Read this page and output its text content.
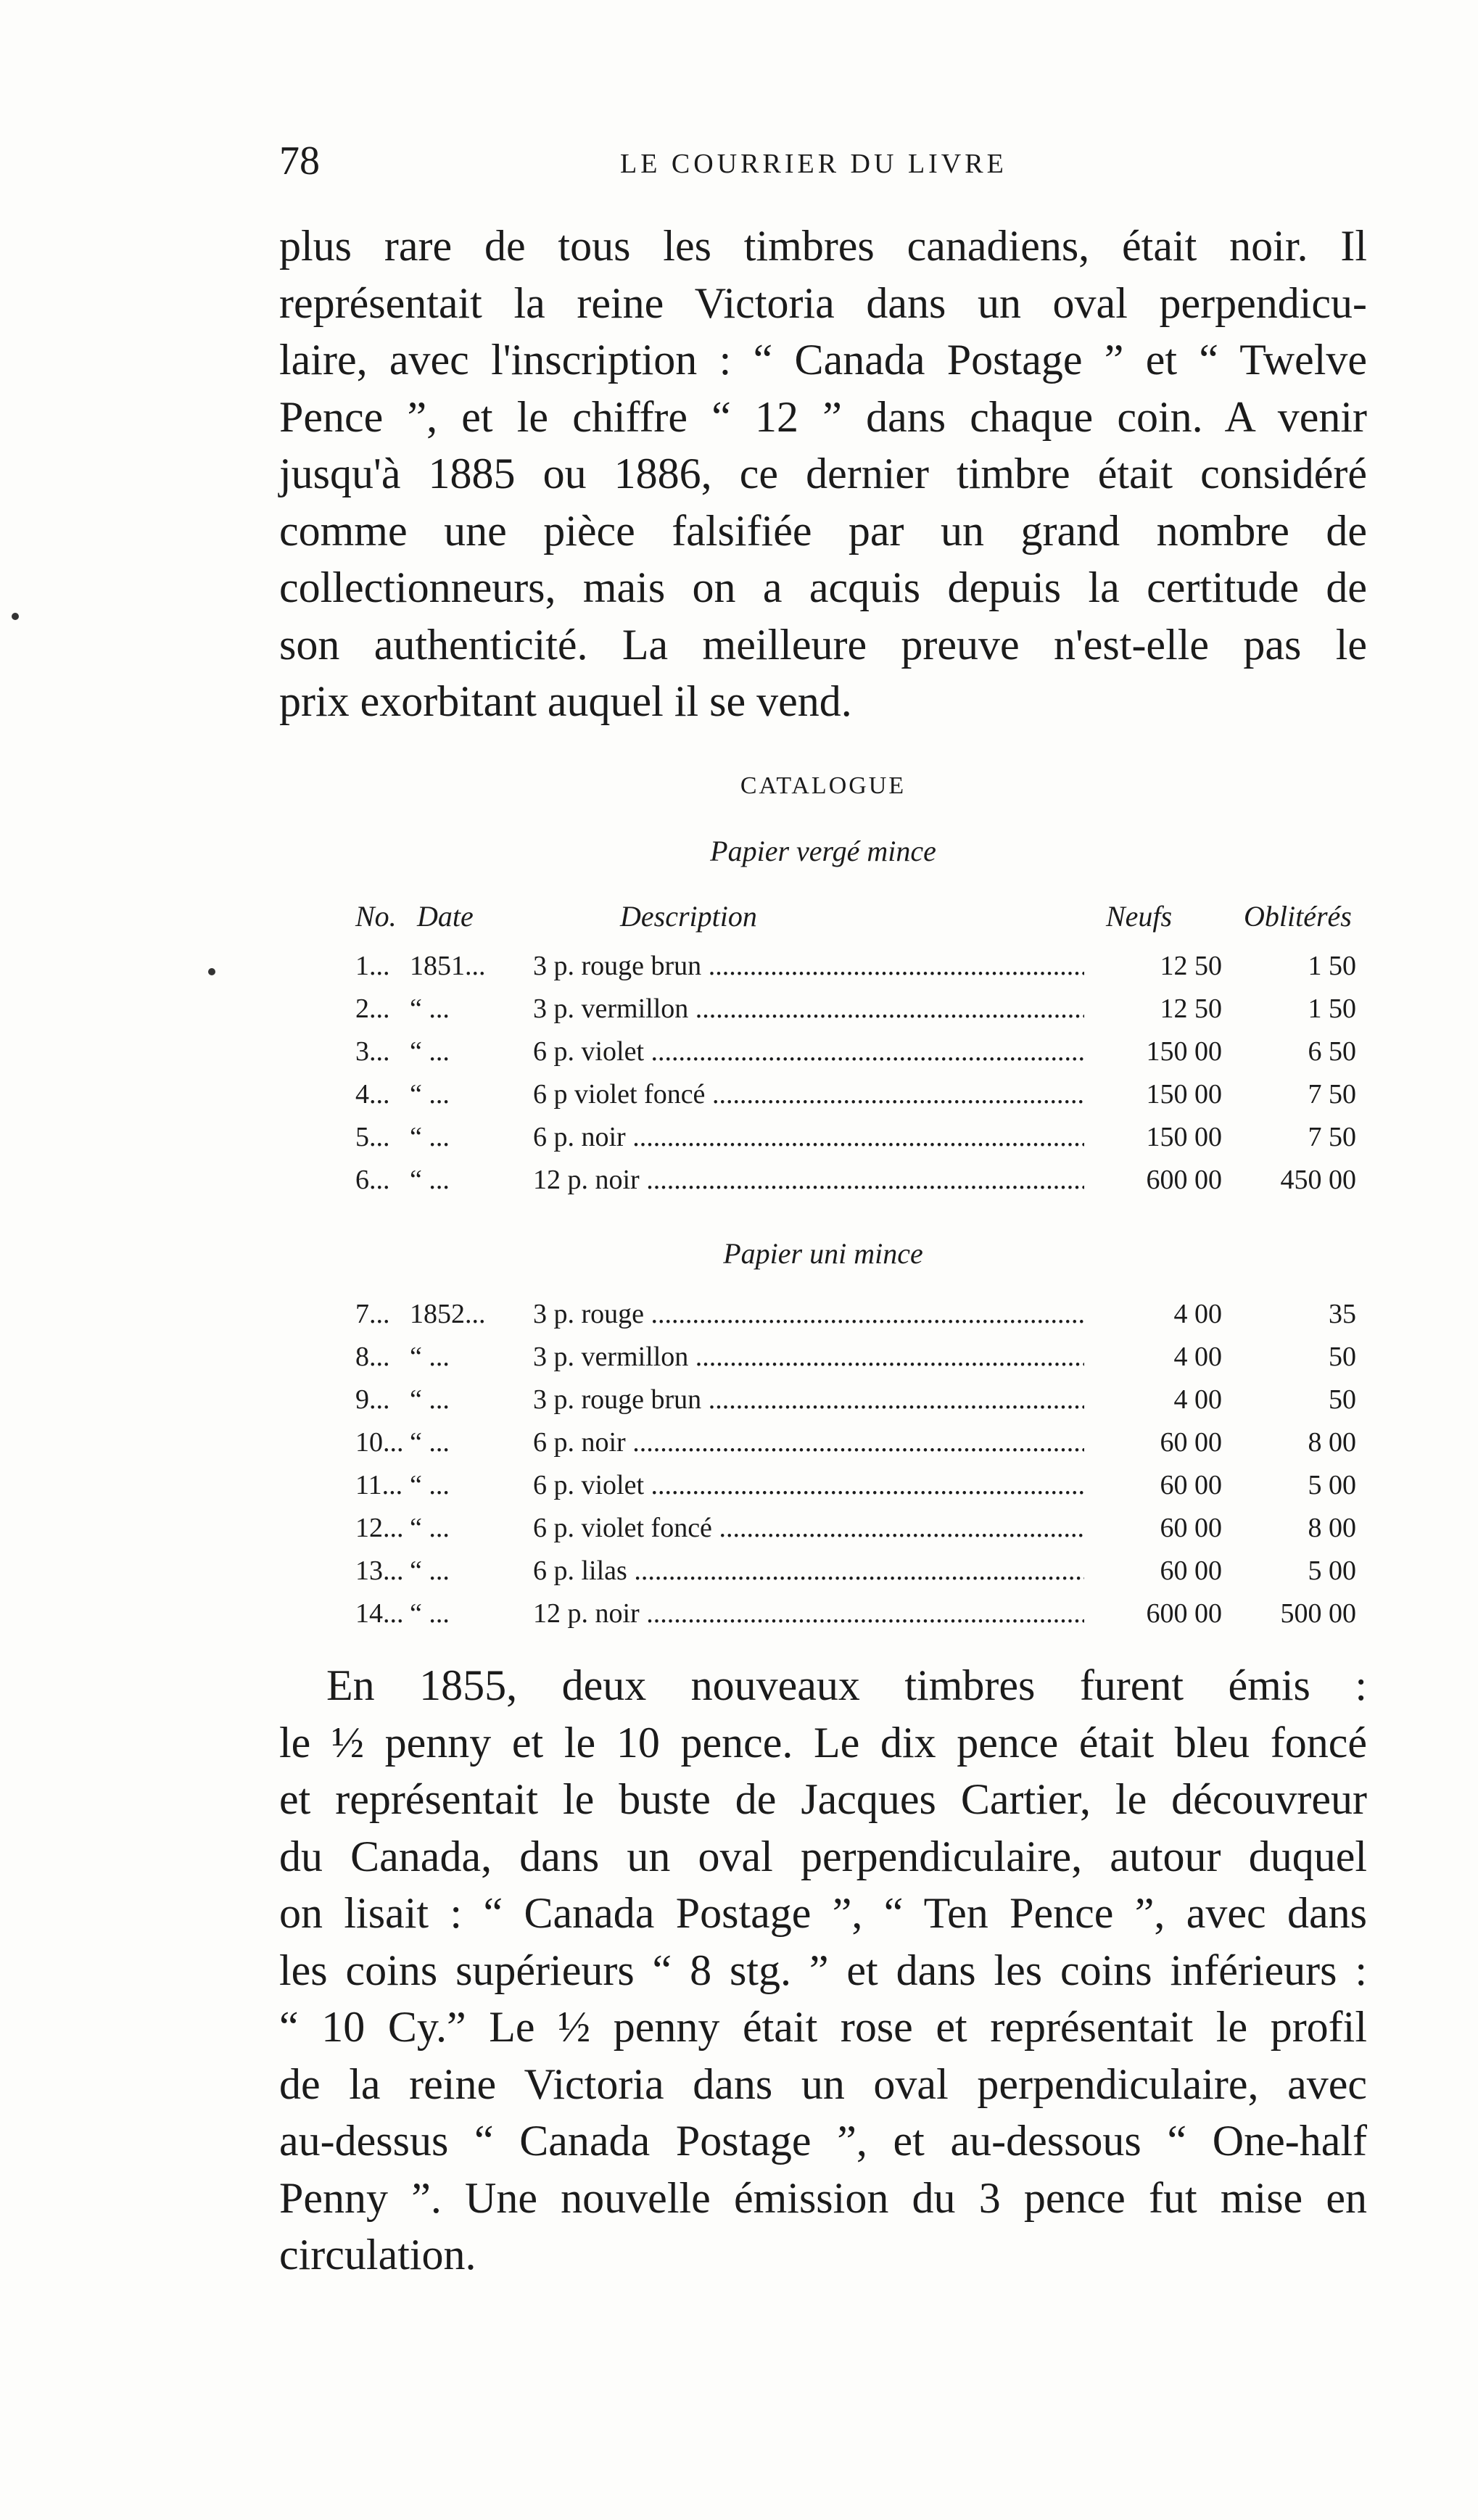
78	LE COURRIER DU LIVRE
plus rare de tous les timbres canadiens, était noir. Il
représentait la reine Victoria dans un oval perpendicu-
laire, avec l'inscription : “ Canada Postage ” et “ Twelve
Pence ”, et le chiffre “ 12 ” dans chaque coin. A venir
jusqu'à 1885 ou 1886, ce dernier timbre était considéré
comme une pièce falsifiée par un grand nombre de
collectionneurs, mais on a acquis depuis la certitude de
son authenticité. La meilleure preuve n'est-elle pas le
prix exorbitant auquel il se vend.
CATALOGUE
Papier vergé mince
No. Date	Description	Neufs Oblitérés
1... 1851... 3 p. rouge brun .....	12 50	1 50
2... “ ...	3 p. vermillon .....	12 50	1 50
3... “ ...	6 p. violet .....	150 00	6 50
4... “ ...	6 p violet foncé .....	150 00	7 50
5... “ ...	6 p. noir .....	150 00	7 50
6... “ ...	12 p. noir .....	600 00	450 00
Papier uni mince
7... 1852... 3 p. rouge .....	4 00	35
8... “ ...	3 p. vermillon .....	4 00	50
9... “ ...	3 p. rouge brun .....	4 00	50
10... “ ...	6 p. noir .....	60 00	8 00
11... “ ...	6 p. violet .....	60 00	5 00
12... “ ...	6 p. violet foncé .....	60 00	8 00
13... “ ...	6 p. lilas .....	60 00	5 00
14... “ ...	12 p. noir .....	600 00	500 00
En 1855, deux nouveaux timbres furent émis :
le ½ penny et le 10 pence. Le dix pence était bleu foncé
et représentait le buste de Jacques Cartier, le découvreur
du Canada, dans un oval perpendiculaire, autour duquel
on lisait : “ Canada Postage ”, “ Ten Pence ”, avec dans
les coins supérieurs “ 8 stg. ” et dans les coins inférieurs :
“ 10 Cy.” Le ½ penny était rose et représentait le profil
de la reine Victoria dans un oval perpendiculaire, avec
au-dessus “ Canada Postage ”, et au-dessous “ One-half
Penny ”. Une nouvelle émission du 3 pence fut mise en
circulation.
